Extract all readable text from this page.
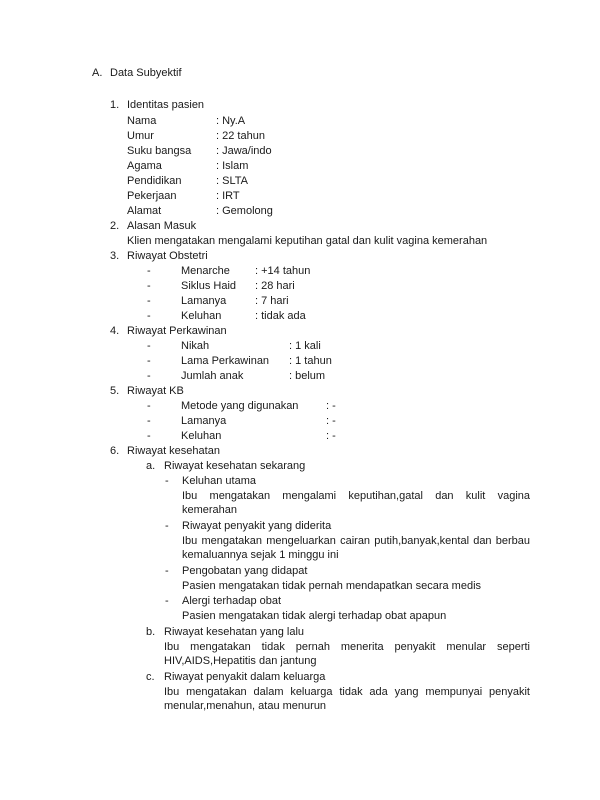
A. Data Subyektif
1. Identitas pasien
Nama	: Ny.A
Umur	: 22 tahun
Suku bangsa : Jawa/indo
Agama	: Islam
Pendidikan	: SLTA
Pekerjaan	: IRT
Alamat	: Gemolong
2. Alasan Masuk
Klien mengatakan mengalami keputihan gatal dan kulit vagina kemerahan
3. Riwayat Obstetri
-	Menarche : +14 tahun
-	Siklus Haid : 28 hari
-	Lamanya	: 7 hari
-	Keluhan	: tidak ada
4. Riwayat Perkawinan
-	Nikah	: 1 kali
-	Lama Perkawinan : 1 tahun
-	Jumlah anak	: belum
5. Riwayat KB
-	Metode yang digunakan	: -
-	Lamanya	: -
-	Keluhan	: -
6. Riwayat kesehatan
a. Riwayat kesehatan sekarang
- Keluhan utama
Ibu mengatakan mengalami keputihan,gatal dan kulit vagina kemerahan
- Riwayat penyakit yang diderita
Ibu mengatakan mengeluarkan cairan putih,banyak,kental dan berbau kemaluannya sejak 1 minggu ini
- Pengobatan yang didapat
Pasien mengatakan tidak pernah mendapatkan secara medis
- Alergi terhadap obat
Pasien mengatakan tidak alergi terhadap obat apapun
b. Riwayat kesehatan yang lalu
Ibu mengatakan tidak pernah menerita penyakit menular seperti HIV,AIDS,Hepatitis dan jantung
c. Riwayat penyakit dalam keluarga
Ibu mengatakan dalam keluarga tidak ada yang mempunyai penyakit menular,menahun, atau menurun
